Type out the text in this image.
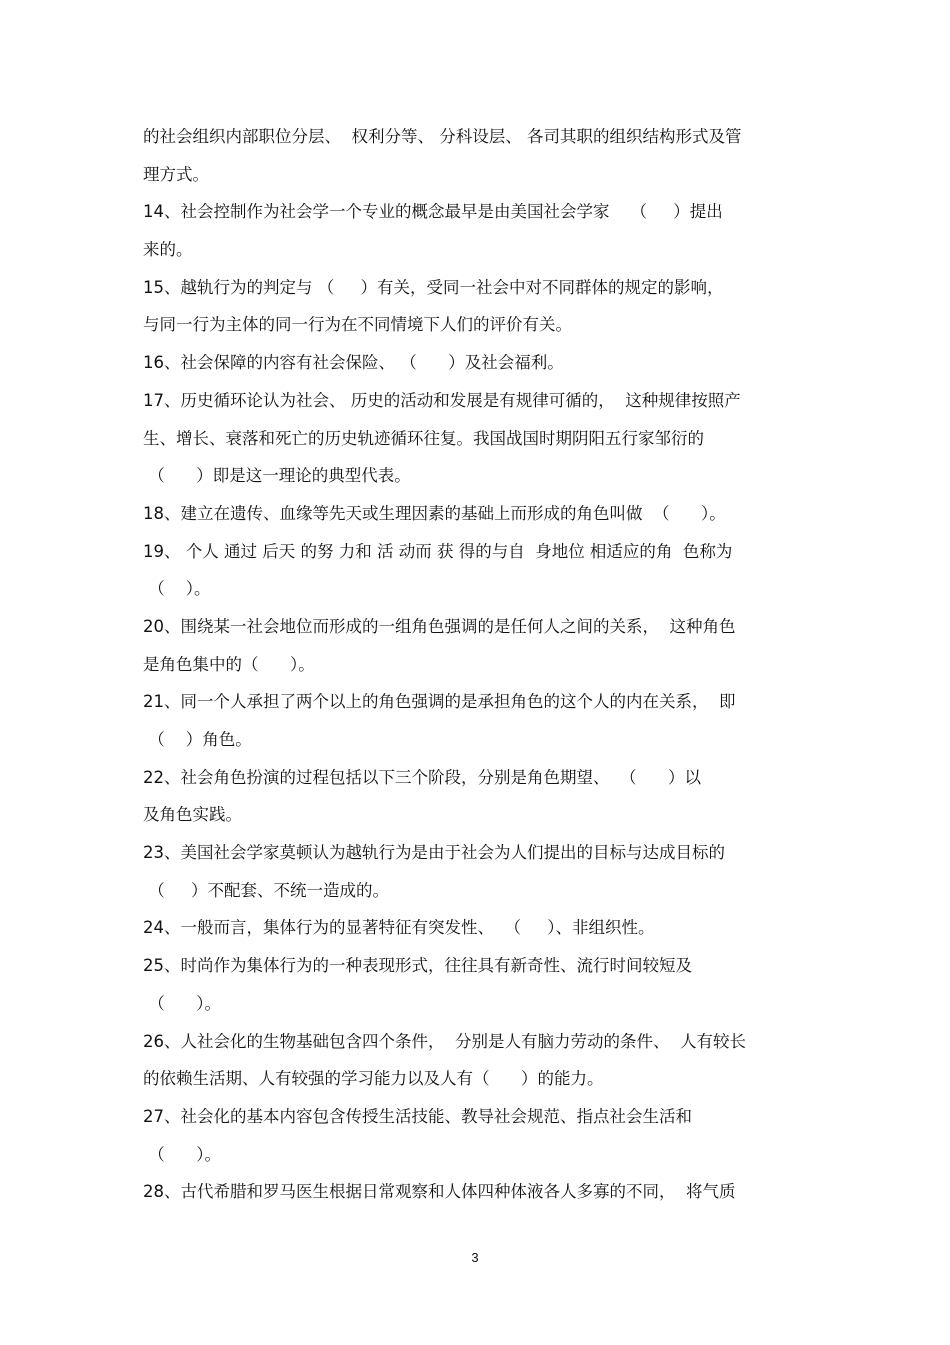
的社会组织内部职位分层、  权利分等、 分科设层、 各司其职的组织结构形式及管
理方式。
14、社会控制作为社会学一个专业的概念最早是由美国社会学家    （     ）提出
来的。
15、越轨行为的判定与 （     ）有关，受同一社会中对不同群体的规定的影响，
与同一行为主体的同一行为在不同情境下人们的评价有关。
16、社会保障的内容有社会保险、 （      ）及社会福利。
17、历史循环论认为社会、 历史的活动和发展是有规律可循的，  这种规律按照产
生、增长、衰落和死亡的历史轨迹循环往复。我国战国时期阴阳五行家邹衍的
（      ）即是这一理论的典型代表。
18、建立在遗传、血缘等先天或生理因素的基础上而形成的角色叫做  （      ）。
19、 个人 通过 后天 的努 力和 活 动而 获 得的与自  身地位 相适应的角  色称为
（    ）。
20、围绕某一社会地位而形成的一组角色强调的是任何人之间的关系，  这种角色
是角色集中的（      ）。
21、同一个人承担了两个以上的角色强调的是承担角色的这个人的内在关系，  即
（    ）角色。
22、社会角色扮演的过程包括以下三个阶段，分别是角色期望、  （      ）以
及角色实践。
23、美国社会学家莫顿认为越轨行为是由于社会为人们提出的目标与达成目标的
（     ）不配套、不统一造成的。
24、一般而言，集体行为的显著特征有突发性、  （     ）、非组织性。
25、时尚作为集体行为的一种表现形式，往往具有新奇性、流行时间较短及
（      ）。
26、人社会化的生物基础包含四个条件，  分别是人有脑力劳动的条件、  人有较长
的依赖生活期、人有较强的学习能力以及人有（      ）的能力。
27、社会化的基本内容包含传授生活技能、教导社会规范、指点社会生活和
（      ）。
28、古代希腊和罗马医生根据日常观察和人体四种体液各人多寡的不同，  将气质
3
